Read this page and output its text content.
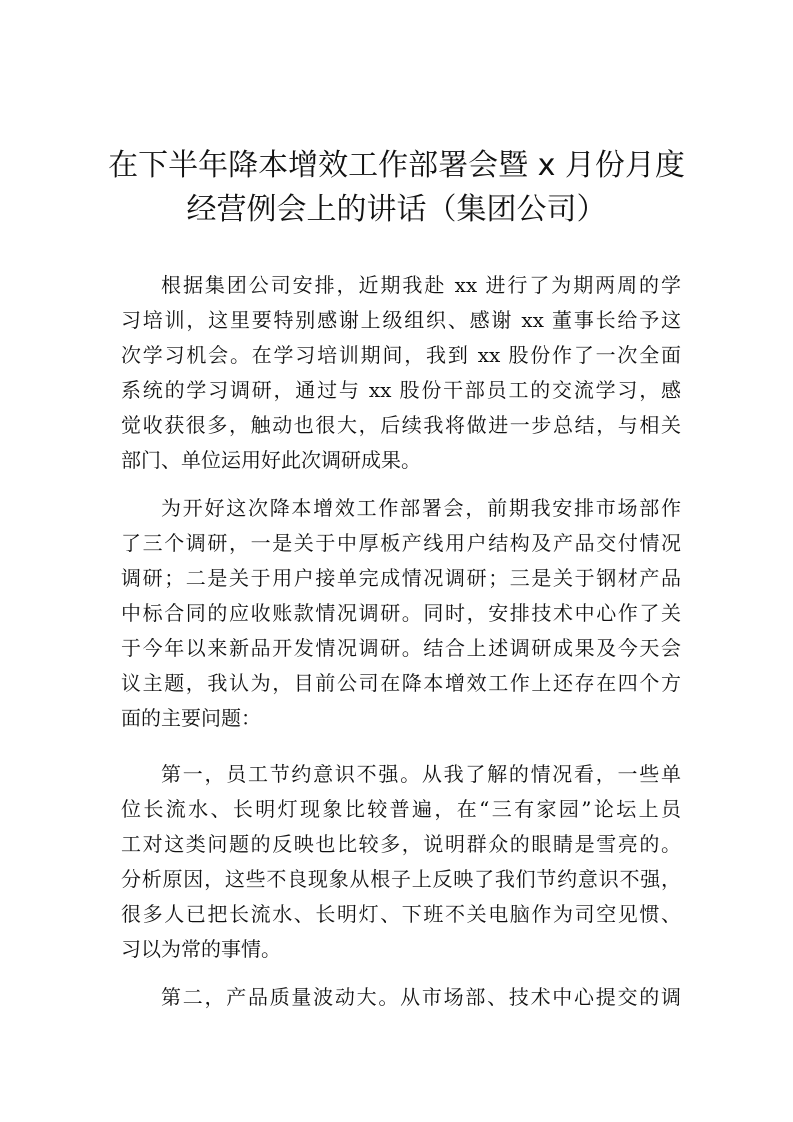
在下半年降本增效工作部署会暨 x 月份月度
经营例会上的讲话（集团公司）
根据集团公司安排，近期我赴 xx 进行了为期两周的学
习培训，这里要特别感谢上级组织、感谢 xx 董事长给予这
次学习机会。在学习培训期间，我到 xx 股份作了一次全面
系统的学习调研，通过与 xx 股份干部员工的交流学习，感
觉收获很多，触动也很大，后续我将做进一步总结，与相关
部门、单位运用好此次调研成果。
为开好这次降本增效工作部署会，前期我安排市场部作
了三个调研，一是关于中厚板产线用户结构及产品交付情况
调研；二是关于用户接单完成情况调研；三是关于钢材产品
中标合同的应收账款情况调研。同时，安排技术中心作了关
于今年以来新品开发情况调研。结合上述调研成果及今天会
议主题，我认为，目前公司在降本增效工作上还存在四个方
面的主要问题：
第一，员工节约意识不强。从我了解的情况看，一些单
位长流水、长明灯现象比较普遍，在“三有家园”论坛上员
工对这类问题的反映也比较多，说明群众的眼睛是雪亮的。
分析原因，这些不良现象从根子上反映了我们节约意识不强，
很多人已把长流水、长明灯、下班不关电脑作为司空见惯、
习以为常的事情。
第二，产品质量波动大。从市场部、技术中心提交的调
